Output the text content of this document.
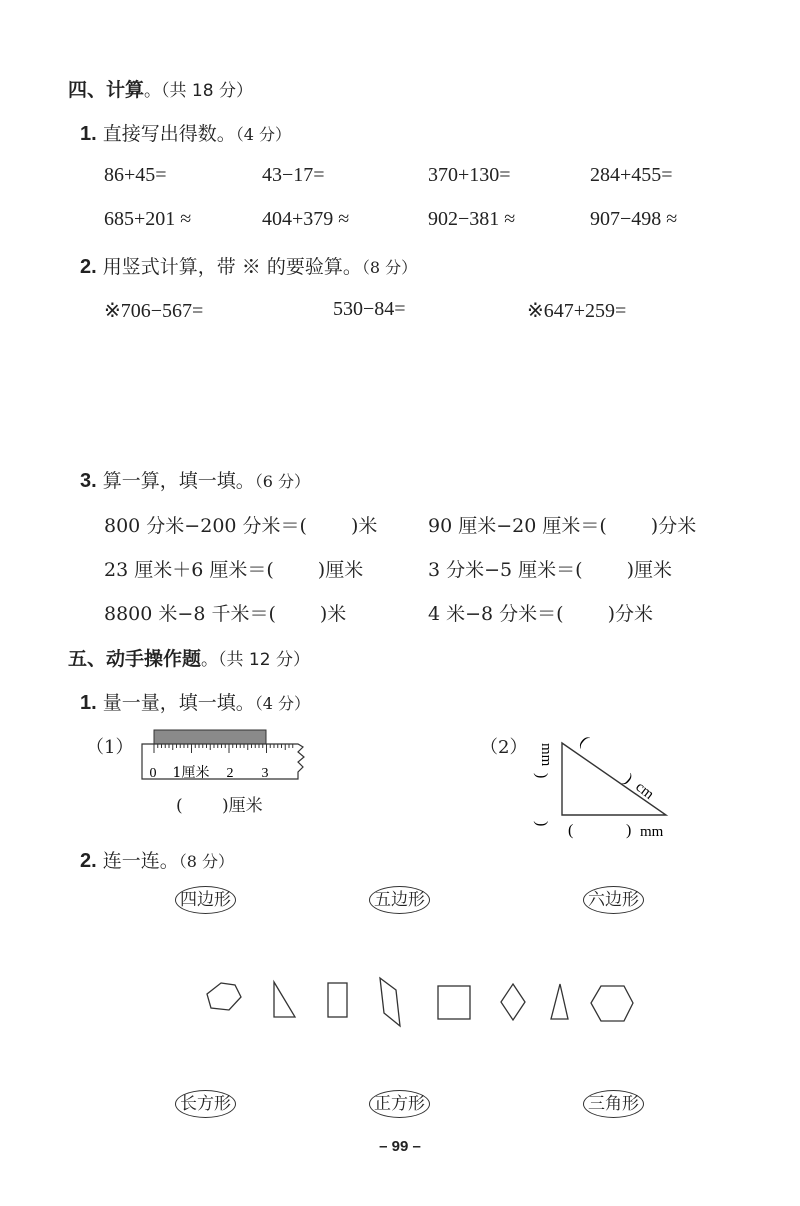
四、计算。（共 18 分）
1. 直接写出得数。（4 分）
86+45=	43−17=	370+130=	284+455=
685+201 ≈	404+379 ≈	902−381 ≈	907−498 ≈
2. 用竖式计算，带 ※ 的要验算。（8 分）
※706−567=	530−84=	※647+259=
3. 算一算，填一填。（6 分）
800 分米−200 分米＝(　　 )米	90 厘米−20 厘米＝(　　 )分米
23 厘米＋6 厘米＝(　　 )厘米	3 分米−5 厘米＝(　　 )厘米
8800 米−8 千米＝(　　 )米	4 米−8 分米＝(　　 )分米
五、动手操作题。（共 12 分）
1. 量一量，填一填。（4 分）
（1）
0 1厘米 2 3
(　　 )厘米
（2） mm
)
)
(
)
cm
(	) mm
2. 连一连。（8 分）
四边形	五边形	六边形
长方形	正方形	三角形
– 99 –
